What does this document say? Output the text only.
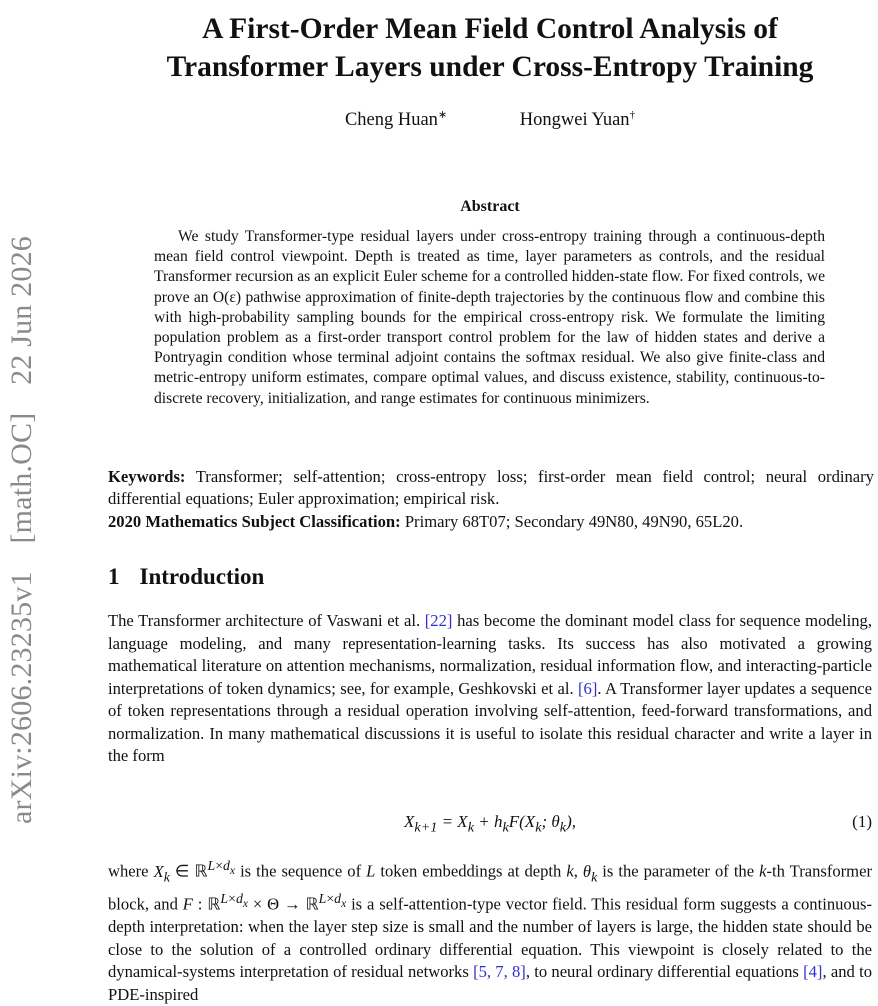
arXiv:2606.23235v1 [math.OC] 22 Jun 2026
A First-Order Mean Field Control Analysis of
Transformer Layers under Cross-Entropy Training
Cheng Huan∗	Hongwei Yuan†
Abstract
We study Transformer-type residual layers under cross-entropy training through a continuous-depth mean field control viewpoint. Depth is treated as time, layer parameters as controls, and the residual Transformer recursion as an explicit Euler scheme for a controlled hidden-state flow. For fixed controls, we prove an O(ε) pathwise approximation of finite-depth trajectories by the continuous flow and combine this with high-probability sampling bounds for the empirical cross-entropy risk. We formulate the limiting population problem as a first-order transport control problem for the law of hidden states and derive a Pontryagin condition whose terminal adjoint contains the softmax residual. We also give finite-class and metric-entropy uniform estimates, compare optimal values, and discuss existence, stability, continuous-to-discrete recovery, initialization, and range estimates for continuous minimizers.
Keywords: Transformer; self-attention; cross-entropy loss; first-order mean field control; neural ordinary differential equations; Euler approximation; empirical risk.
2020 Mathematics Subject Classification: Primary 68T07; Secondary 49N80, 49N90, 65L20.
1 Introduction
The Transformer architecture of Vaswani et al. [22] has become the dominant model class for sequence modeling, language modeling, and many representation-learning tasks. Its success has also motivated a growing mathematical literature on attention mechanisms, normalization, residual information flow, and interacting-particle interpretations of token dynamics; see, for example, Geshkovski et al. [6]. A Transformer layer updates a sequence of token representations through a residual operation involving self-attention, feed-forward transformations, and normalization. In many mathematical discussions it is useful to isolate this residual character and write a layer in the form
$X_{k+1} = X_k + h_kF(X_k$; $\theta_k$),	(1)
where $X_k$ ∈ ℝ$^{L\times d_x}$ is the sequence of L token embeddings at depth k, $\theta_k$ is the parameter of the k-th Transformer block, and F : ℝ$^{L\times d_x}$ × Θ → ℝ$^{L\times d_x}$ is a self-attention-type vector field. This residual form suggests a continuous-depth interpretation: when the layer step size is small and the number of layers is large, the hidden state should be close to the solution of a controlled ordinary differential equation. This viewpoint is closely related to the dynamical-systems interpretation of residual networks [5, 7, 8], to neural ordinary differential equations [4], and to PDE-inspired
